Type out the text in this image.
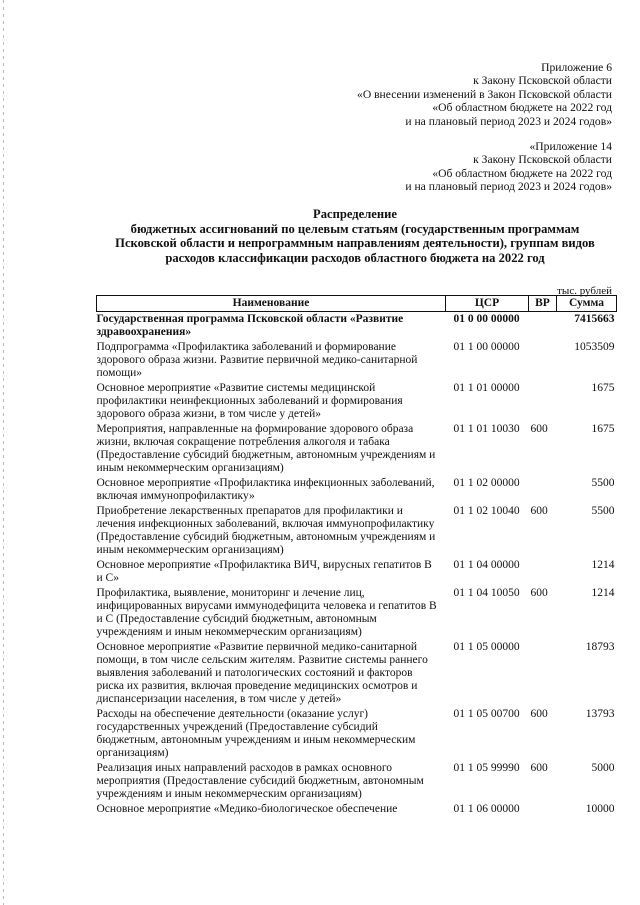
Приложение 6
к Закону Псковской области
«О внесении изменений в Закон Псковской области
«Об областном бюджете на 2022 год
и на плановый период 2023 и 2024 годов»
«Приложение 14
к Закону Псковской области
«Об областном бюджете на 2022 год
и на плановый период 2023 и 2024 годов»
Распределение
бюджетных ассигнований по целевым статьям (государственным программам
Псковской области и непрограммным направлениям деятельности), группам видов
расходов классификации расходов областного бюджета на 2022 год
тыс. рублей
Наименование	ЦСР	ВР	Сумма
Государственная программа Псковской области «Развитие здравоохранения»	01 0 00 00000		7415663
Подпрограмма «Профилактика заболеваний и формирование здорового образа жизни. Развитие первичной медико-санитарной помощи»	01 1 00 00000		1053509
Основное мероприятие «Развитие системы медицинской профилактики неинфекционных заболеваний и формирования здорового образа жизни, в том числе у детей»	01 1 01 00000		1675
Мероприятия, направленные на формирование здорового образа жизни, включая сокращение потребления алкоголя и табака (Предоставление субсидий бюджетным, автономным учреждениям и иным некоммерческим организациям)	01 1 01 10030	600	1675
Основное мероприятие «Профилактика инфекционных заболеваний, включая иммунопрофилактику»	01 1 02 00000		5500
Приобретение лекарственных препаратов для профилактики и лечения инфекционных заболеваний, включая иммунопрофилактику (Предоставление субсидий бюджетным, автономным учреждениям и иным некоммерческим организациям)	01 1 02 10040	600	5500
Основное мероприятие «Профилактика ВИЧ, вирусных гепатитов В и С»	01 1 04 00000		1214
Профилактика, выявление, мониторинг и лечение лиц, инфицированных вирусами иммунодефицита человека и гепатитов В и С (Предоставление субсидий бюджетным, автономным учреждениям и иным некоммерческим организациям)	01 1 04 10050	600	1214
Основное мероприятие «Развитие первичной медико-санитарной помощи, в том числе сельским жителям. Развитие системы раннего выявления заболеваний и патологических состояний и факторов риска их развития, включая проведение медицинских осмотров и диспансеризации населения, в том числе у детей»	01 1 05 00000		18793
Расходы на обеспечение деятельности (оказание услуг) государственных учреждений (Предоставление субсидий бюджетным, автономным учреждениям и иным некоммерческим организациям)	01 1 05 00700	600	13793
Реализация иных направлений расходов в рамках основного мероприятия (Предоставление субсидий бюджетным, автономным учреждениям и иным некоммерческим организациям)	01 1 05 99990	600	5000
Основное мероприятие «Медико-биологическое обеспечение	01 1 06 00000		10000
